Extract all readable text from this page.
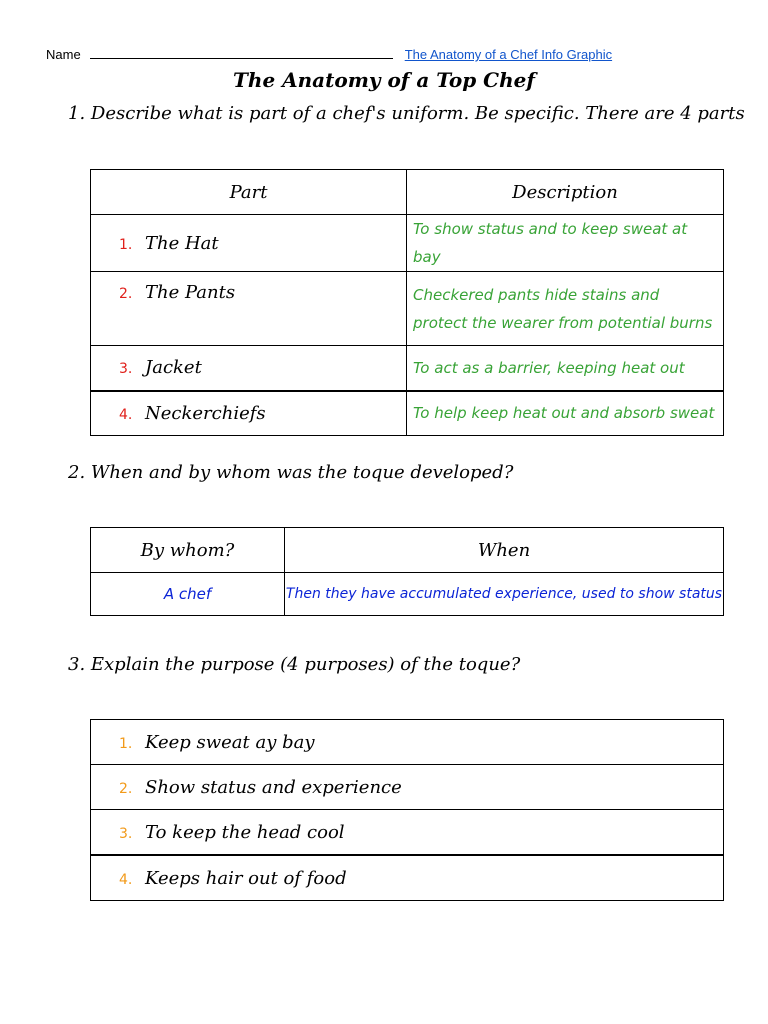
Name	The Anatomy of a Chef Info Graphic
The Anatomy of a Top Chef
1. Describe what is part of a chef's uniform. Be specific. There are 4 parts
Part	Description
1. The Hat	To show status and to keep sweat at bay
2. The Pants	Checkered pants hide stains and protect the wearer from potential burns
3. Jacket	To act as a barrier, keeping heat out
4. Neckerchiefs	To help keep heat out and absorb sweat
2. When and by whom was the toque developed?
By whom?	When
A chef	Then they have accumulated experience, used to show status
3. Explain the purpose (4 purposes) of the toque?
1. Keep sweat ay bay
2. Show status and experience
3. To keep the head cool
4. Keeps hair out of food
